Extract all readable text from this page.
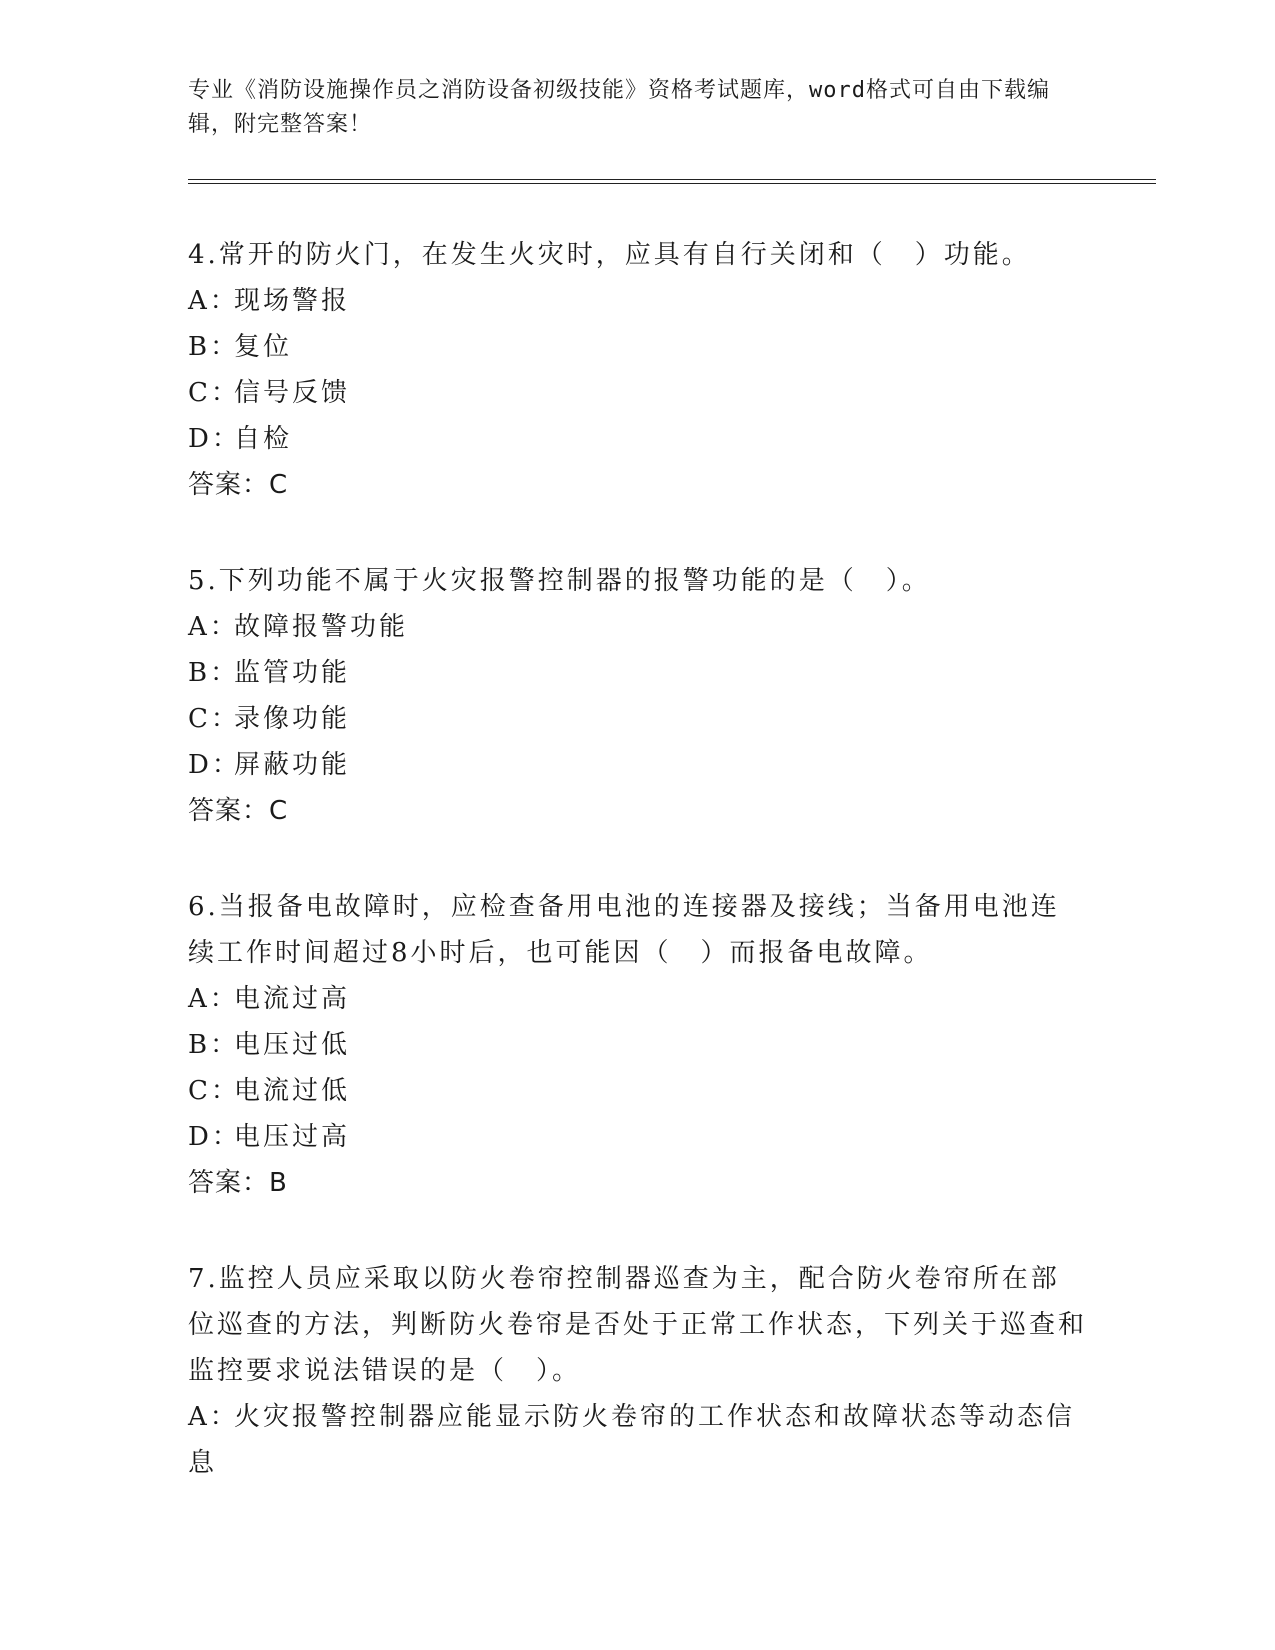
专业《消防设施操作员之消防设备初级技能》资格考试题库，word格式可自由下载编辑，附完整答案！
4.常开的防火门，在发生火灾时，应具有自行关闭和（　）功能。
A：现场警报
B：复位
C：信号反馈
D：自检
答案：C
5.下列功能不属于火灾报警控制器的报警功能的是（　）。
A：故障报警功能
B：监管功能
C：录像功能
D：屏蔽功能
答案：C
6.当报备电故障时，应检查备用电池的连接器及接线；当备用电池连续工作时间超过8小时后，也可能因（　）而报备电故障。
A：电流过高
B：电压过低
C：电流过低
D：电压过高
答案：B
7.监控人员应采取以防火卷帘控制器巡查为主，配合防火卷帘所在部位巡查的方法，判断防火卷帘是否处于正常工作状态，下列关于巡查和监控要求说法错误的是（　）。
A：火灾报警控制器应能显示防火卷帘的工作状态和故障状态等动态信息
